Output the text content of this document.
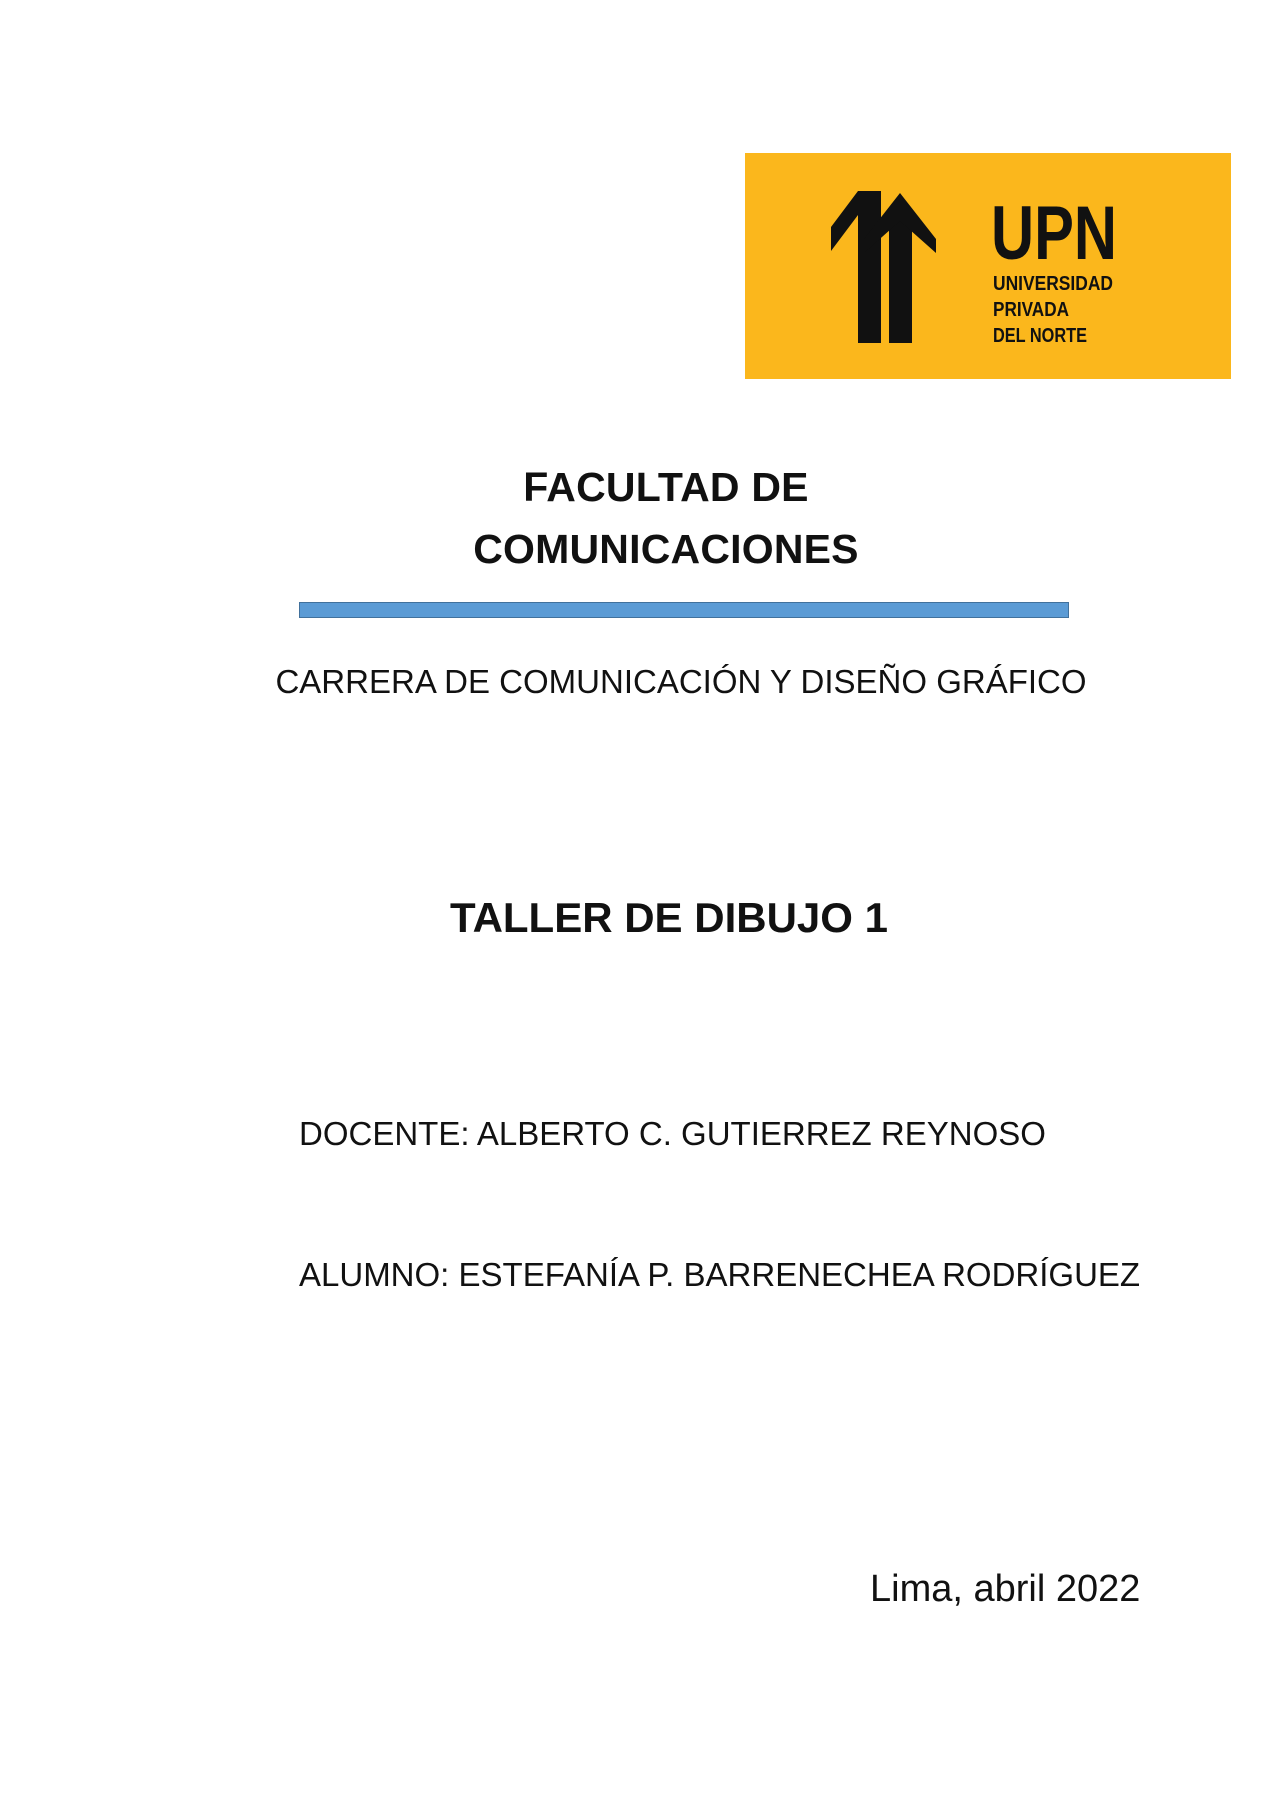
UPN
UNIVERSIDAD
PRIVADA
DEL NORTE
FACULTAD DE
COMUNICACIONES
CARRERA DE COMUNICACIÓN Y DISEÑO GRÁFICO
TALLER DE DIBUJO 1
DOCENTE: ALBERTO C. GUTIERREZ REYNOSO
ALUMNO: ESTEFANÍA P. BARRENECHEA RODRÍGUEZ
Lima, abril 2022
